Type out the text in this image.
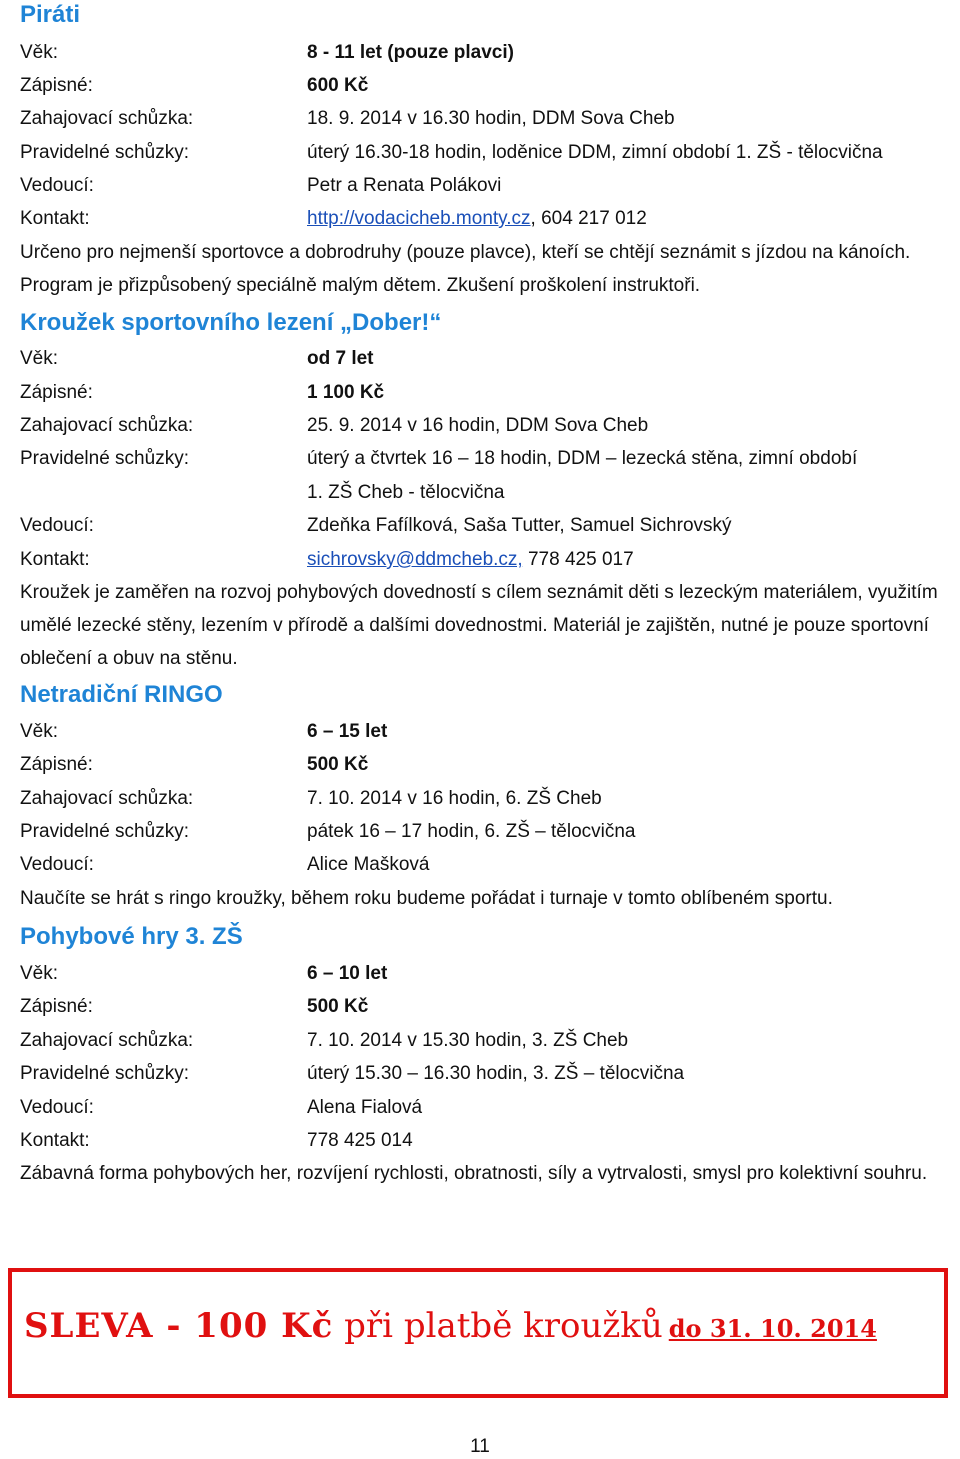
Piráti
Věk:	8 - 11 let (pouze plavci)
Zápisné:	600 Kč
Zahajovací schůzka:	18. 9. 2014 v 16.30 hodin, DDM Sova Cheb
Pravidelné schůzky:	úterý 16.30-18 hodin, loděnice DDM, zimní období 1. ZŠ - tělocvična
Vedoucí:	Petr a Renata Polákovi
Kontakt:	http://vodacicheb.monty.cz, 604 217 012
Určeno pro nejmenší sportovce a dobrodruhy (pouze plavce), kteří se chtějí seznámit s jízdou na kánoích. Program je přizpůsobený speciálně malým dětem. Zkušení proškolení instruktoři.
Kroužek sportovního lezení „Dober!“
Věk:	od 7 let
Zápisné:	1 100 Kč
Zahajovací schůzka:	25. 9. 2014 v 16 hodin, DDM Sova Cheb
Pravidelné schůzky:	úterý a čtvrtek 16 – 18 hodin, DDM – lezecká stěna, zimní období
1. ZŠ Cheb - tělocvična
Vedoucí:	Zdeňka Fafílková, Saša Tutter, Samuel Sichrovský
Kontakt:	sichrovsky@ddmcheb.cz, 778 425 017
Kroužek je zaměřen na rozvoj pohybových dovedností s cílem seznámit děti s lezeckým materiálem, využitím umělé lezecké stěny, lezením v přírodě a dalšími dovednostmi. Materiál je zajištěn, nutné je pouze sportovní oblečení a obuv na stěnu.
Netradiční RINGO
Věk:	6 – 15 let
Zápisné:	500 Kč
Zahajovací schůzka:	7. 10. 2014 v 16 hodin, 6. ZŠ Cheb
Pravidelné schůzky:	pátek 16 – 17 hodin, 6. ZŠ – tělocvična
Vedoucí:	Alice Mašková
Naučíte se hrát s ringo kroužky, během roku budeme pořádat i turnaje v tomto oblíbeném sportu.
Pohybové hry 3. ZŠ
Věk:	6 – 10 let
Zápisné:	500 Kč
Zahajovací schůzka:	7. 10. 2014 v 15.30 hodin, 3. ZŠ Cheb
Pravidelné schůzky:	úterý 15.30 – 16.30 hodin, 3. ZŠ – tělocvična
Vedoucí:	Alena Fialová
Kontakt:	778 425 014
Zábavná forma pohybových her, rozvíjení rychlosti, obratnosti, síly a vytrvalosti, smysl pro kolektivní souhru.
SLEVA - 100 Kč při platbě kroužků do 31. 10. 2014
11
